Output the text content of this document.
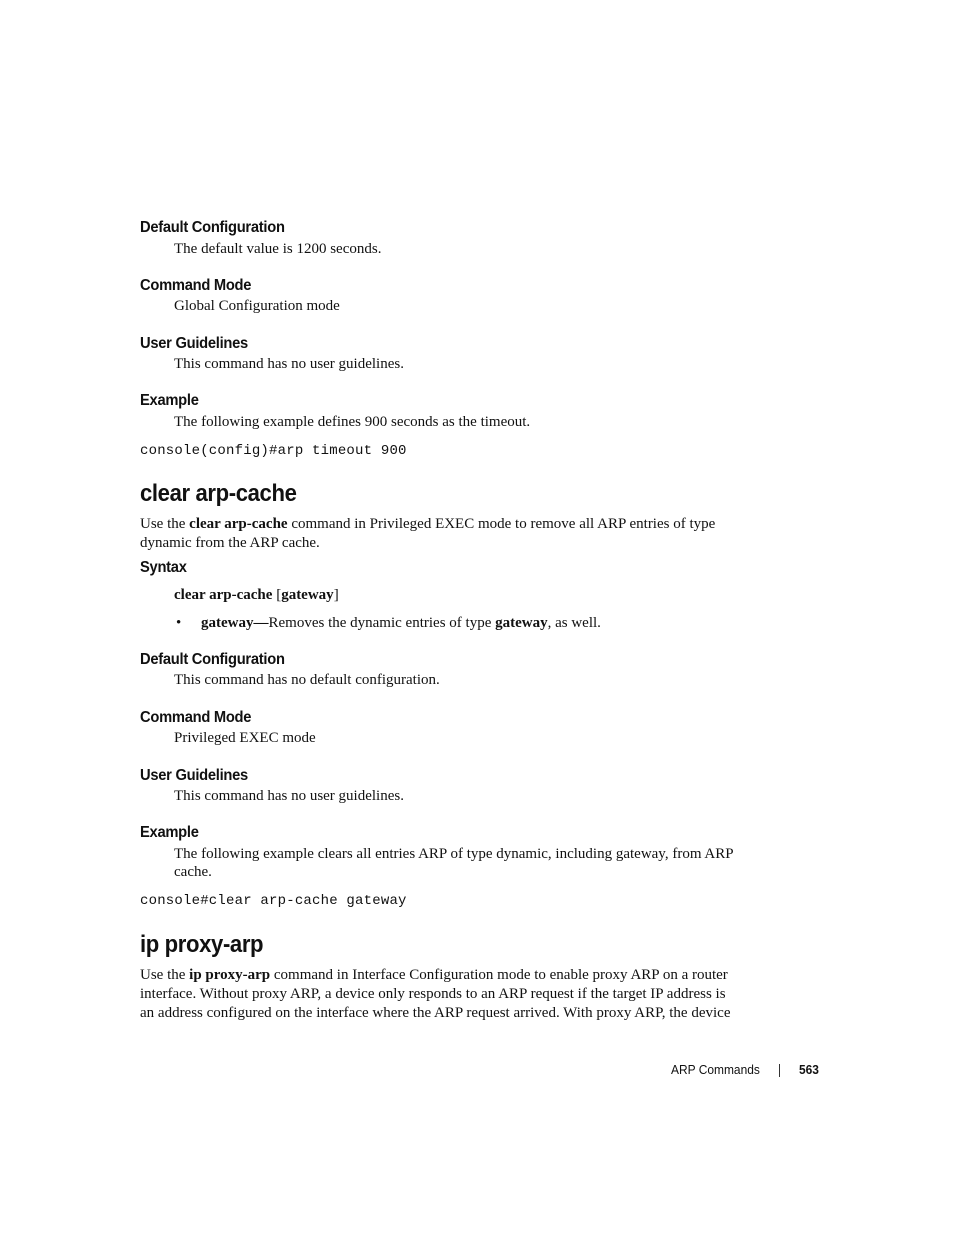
Default Configuration
The default value is 1200 seconds.
Command Mode
Global Configuration mode
User Guidelines
This command has no user guidelines.
Example
The following example defines 900 seconds as the timeout.
console(config)#arp timeout 900
clear arp-cache
Use the clear arp-cache command in Privileged EXEC mode to remove all ARP entries of type
dynamic from the ARP cache.
Syntax
clear arp-cache [gateway]
• gateway—Removes the dynamic entries of type gateway, as well.
Default Configuration
This command has no default configuration.
Command Mode
Privileged EXEC mode
User Guidelines
This command has no user guidelines.
Example
The following example clears all entries ARP of type dynamic, including gateway, from ARP
cache.
console#clear arp-cache gateway
ip proxy-arp
Use the ip proxy-arp command in Interface Configuration mode to enable proxy ARP on a router
interface. Without proxy ARP, a device only responds to an ARP request if the target IP address is
an address configured on the interface where the ARP request arrived. With proxy ARP, the device
ARP Commands	563
